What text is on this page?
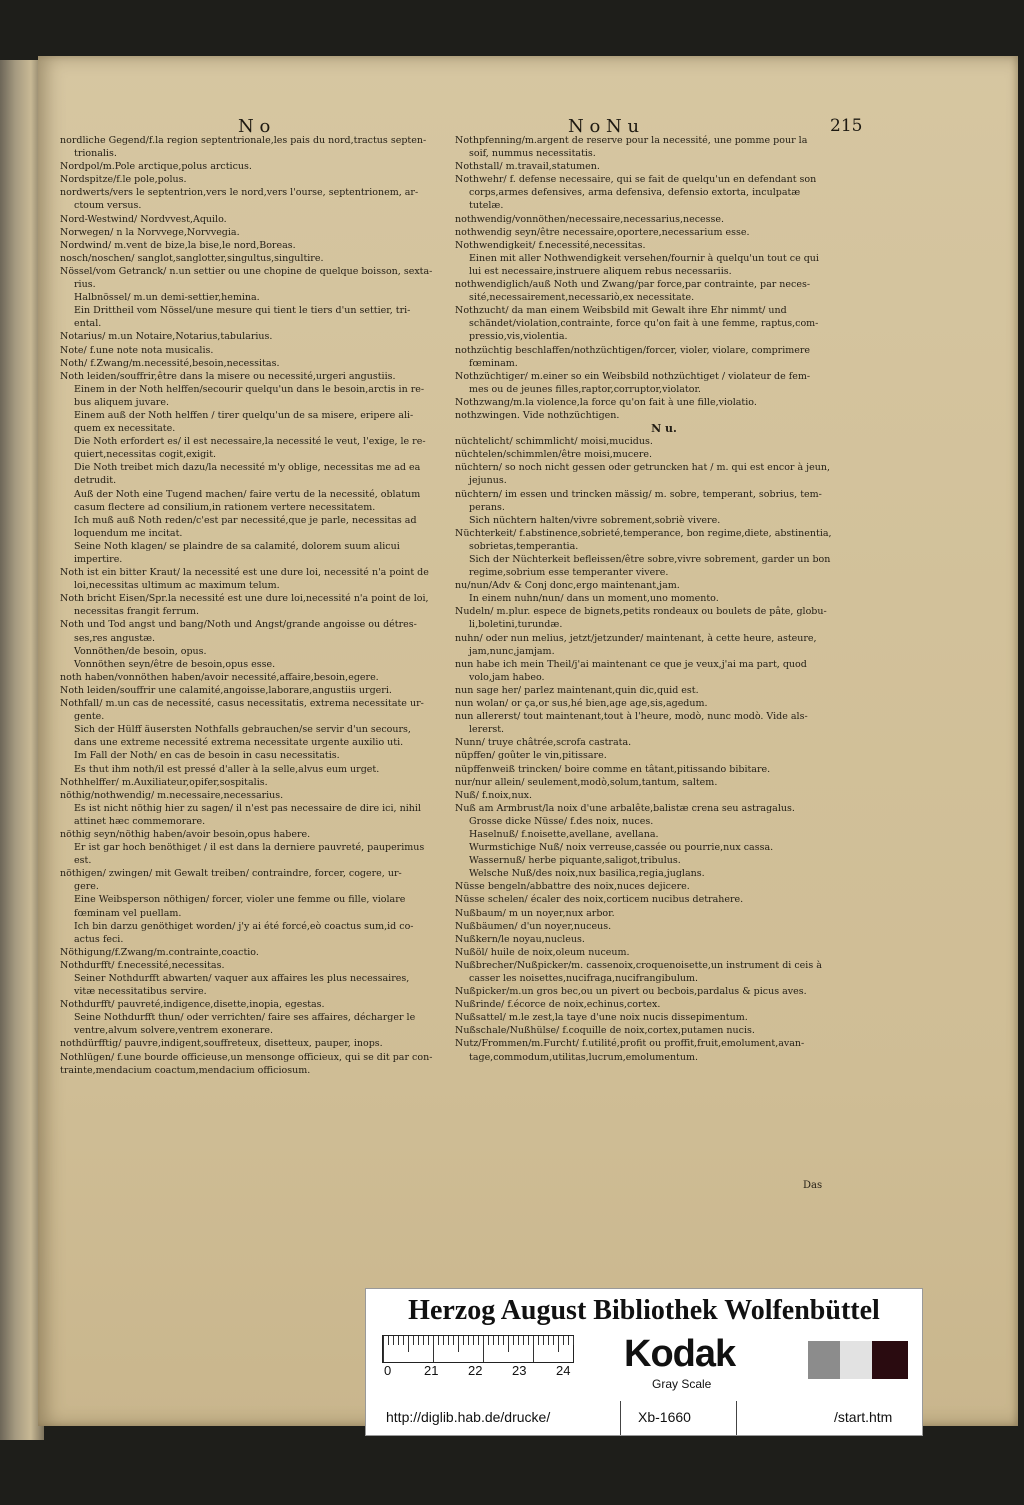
N o	N o N u	215

nordliche Gegend/f.la region septentrionale,les pais du nord,tractus septen-

trionalis.

Nordpol/m.Pole arctique,polus arcticus.

Nordspitze/f.le pole,polus.

nordwerts/vers le septentrion,vers le nord,vers l'ourse, septentrionem, ar-

ctoum versus.

Nord-Westwind/ Nordvvest,Aquilo.

Norwegen/ n la Norvvege,Norvvegia.

Nordwind/ m.vent de bize,la bise,le nord,Boreas.

nosch/noschen/ sanglot,sanglotter,singultus,singultire.

Nössel/vom Getranck/ n.un settier ou une chopine de quelque boisson, sexta-

rius.

Halbnössel/ m.un demi-settier,hemina.

Ein Drittheil vom Nössel/une mesure qui tient le tiers d'un settier, tri-

ental.

Notarius/ m.un Notaire,Notarius,tabularius.

Note/ f.une note nota musicalis.

Noth/ f.Zwang/m.necessité,besoin,necessitas.

Noth leiden/souffrir,être dans la misere ou necessité,urgeri angustiis.

Einem in der Noth helffen/secourir quelqu'un dans le besoin,arctis in re-

bus aliquem juvare.

Einem auß der Noth helffen / tirer quelqu'un de sa misere, eripere ali-

quem ex necessitate.

Die Noth erfordert es/ il est necessaire,la necessité le veut, l'exige, le re-

quiert,necessitas cogit,exigit.

Die Noth treibet mich dazu/la necessité m'y oblige, necessitas me ad ea

detrudit.

Auß der Noth eine Tugend machen/ faire vertu de la necessité, oblatum

casum flectere ad consilium,in rationem vertere necessitatem.

Ich muß auß Noth reden/c'est par necessité,que je parle, necessitas ad

loquendum me incitat.

Seine Noth klagen/ se plaindre de sa calamité, dolorem suum alicui

impertire.

Noth ist ein bitter Kraut/ la necessité est une dure loi, necessité n'a point de

loi,necessitas ultimum ac maximum telum.

Noth bricht Eisen/Spr.la necessité est une dure loi,necessité n'a point de loi,

necessitas frangit ferrum.

Noth und Tod angst und bang/Noth und Angst/grande angoisse ou détres-

ses,res angustæ.

Vonnöthen/de besoin, opus.

Vonnöthen seyn/être de besoin,opus esse.

noth haben/vonnöthen haben/avoir necessité,affaire,besoin,egere.

Noth leiden/souffrir une calamité,angoisse,laborare,angustiis urgeri.

Nothfall/ m.un cas de necessité, casus necessitatis, extrema necessitate ur-

gente.

Sich der Hülff äusersten Nothfalls gebrauchen/se servir d'un secours,

dans une extreme necessité extrema necessitate urgente auxilio uti.

Im Fall der Noth/ en cas de besoin in casu necessitatis.

Es thut ihm noth/il est pressé d'aller à la selle,alvus eum urget.

Nothhelffer/ m.Auxiliateur,opifer,sospitalis.

nöthig/nothwendig/ m.necessaire,necessarius.

Es ist nicht nöthig hier zu sagen/ il n'est pas necessaire de dire ici, nihil

attinet hæc commemorare.

nöthig seyn/nöthig haben/avoir besoin,opus habere.

Er ist gar hoch benöthiget / il est dans la derniere pauvreté, pauperimus

est.

nöthigen/ zwingen/ mit Gewalt treiben/ contraindre, forcer, cogere, ur-

gere.

Eine Weibsperson nöthigen/ forcer, violer une femme ou fille, violare

fœminam vel puellam.

Ich bin darzu genöthiget worden/ j'y ai été forcé,eò coactus sum,id co-

actus feci.

Nöthigung/f.Zwang/m.contrainte,coactio.

Nothdurfft/ f.necessité,necessitas.

Seiner Nothdurfft abwarten/ vaquer aux affaires les plus necessaires,

vitæ necessitatibus servire.

Nothdurfft/ pauvreté,indigence,disette,inopia, egestas.

Seine Nothdurfft thun/ oder verrichten/ faire ses affaires, décharger le

ventre,alvum solvere,ventrem exonerare.

nothdürfftig/ pauvre,indigent,souffreteux, disetteux, pauper, inops.

Nothlügen/ f.une bourde officieuse,un mensonge officieux, qui se dit par con-

trainte,mendacium coactum,mendacium officiosum.

Nothpfenning/m.argent de reserve pour la necessité, une pomme pour la

soif, nummus necessitatis.

Nothstall/ m.travail,statumen.

Nothwehr/ f. defense necessaire, qui se fait de quelqu'un en defendant son

corps,armes defensives, arma defensiva, defensio extorta, inculpatæ

tutelæ.

nothwendig/vonnöthen/necessaire,necessarius,necesse.

nothwendig seyn/être necessaire,oportere,necessarium esse.

Nothwendigkeit/ f.necessité,necessitas.

Einen mit aller Nothwendigkeit versehen/fournir à quelqu'un tout ce qui

lui est necessaire,instruere aliquem rebus necessariis.

nothwendiglich/auß Noth und Zwang/par force,par contrainte, par neces-

sité,necessairement,necessariò,ex necessitate.

Nothzucht/ da man einem Weibsbild mit Gewalt ihre Ehr nimmt/ und

schändet/violation,contrainte, force qu'on fait à une femme, raptus,com-

pressio,vis,violentia.

nothzüchtig beschlaffen/nothzüchtigen/forcer, violer, violare, comprimere

fœminam.

Nothzüchtiger/ m.einer so ein Weibsbild nothzüchtiget / violateur de fem-

mes ou de jeunes filles,raptor,corruptor,violator.

Nothzwang/m.la violence,la force qu'on fait à une fille,violatio.

nothzwingen. Vide nothzüchtigen.

N u.

nüchtelicht/ schimmlicht/ moisi,mucidus.

nüchtelen/schimmlen/être moisi,mucere.

nüchtern/ so noch nicht gessen oder getruncken hat / m. qui est encor à jeun,

jejunus.

nüchtern/ im essen und trincken mässig/ m. sobre, temperant, sobrius, tem-

perans.

Sich nüchtern halten/vivre sobrement,sobriè vivere.

Nüchterkeit/ f.abstinence,sobrieté,temperance, bon regime,diete, abstinentia,

sobrietas,temperantia.

Sich der Nüchterkeit befleissen/être sobre,vivre sobrement, garder un bon

regime,sobrium esse temperanter vivere.

nu/nun/Adv & Conj donc,ergo maintenant,jam.

In einem nuhn/nun/ dans un moment,uno momento.

Nudeln/ m.plur. espece de bignets,petits rondeaux ou boulets de pâte, globu-

li,boletini,turundæ.

nuhn/ oder nun melius, jetzt/jetzunder/ maintenant, à cette heure, asteure,

jam,nunc,jamjam.

nun habe ich mein Theil/j'ai maintenant ce que je veux,j'ai ma part, quod

volo,jam habeo.

nun sage her/ parlez maintenant,quin dic,quid est.

nun wolan/ or ça,or sus,hé bien,age age,sis,agedum.

nun allererst/ tout maintenant,tout à l'heure, modò, nunc modò. Vide als-

lererst.

Nunn/ truye châtrée,scrofa castrata.

nüpffen/ goûter le vin,pitissare.

nüpffenweiß trincken/ boire comme en tâtant,pitissando bibitare.

nur/nur allein/ seulement,modò,solum,tantum, saltem.

Nuß/ f.noix,nux.

Nuß am Armbrust/la noix d'une arbalête,balistæ crena seu astragalus.

Grosse dicke Nüsse/ f.des noix, nuces.

Haselnuß/ f.noisette,avellane, avellana.

Wurmstichige Nuß/ noix verreuse,cassée ou pourrie,nux cassa.

Wassernuß/ herbe piquante,saligot,tribulus.

Welsche Nuß/des noix,nux basilica,regia,juglans.

Nüsse bengeln/abbattre des noix,nuces dejicere.

Nüsse schelen/ écaler des noix,corticem nucibus detrahere.

Nußbaum/ m un noyer,nux arbor.

Nußbäumen/ d'un noyer,nuceus.

Nußkern/le noyau,nucleus.

Nußöl/ huile de noix,oleum nuceum.

Nußbrecher/Nußpicker/m. cassenoix,croquenoisette,un instrument di ceis à

casser les noisettes,nucifraga,nucifrangibulum.

Nußpicker/m.un gros bec,ou un pivert ou becbois,pardalus & picus aves.

Nußrinde/ f.écorce de noix,echinus,cortex.

Nußsattel/ m.le zest,la taye d'une noix nucis dissepimentum.

Nußschale/Nußhülse/ f.coquille de noix,cortex,putamen nucis.

Nutz/Frommen/m.Furcht/ f.utilité,profit ou proffit,fruit,emolument,avan-

tage,commodum,utilitas,lucrum,emolumentum.

Das
Herzog August Bibliothek Wolfenbüttel
0	21 22 23 24 Kodak
Gray Scale
http://diglib.hab.de/drucke/	Xb-1660	/start.htm
